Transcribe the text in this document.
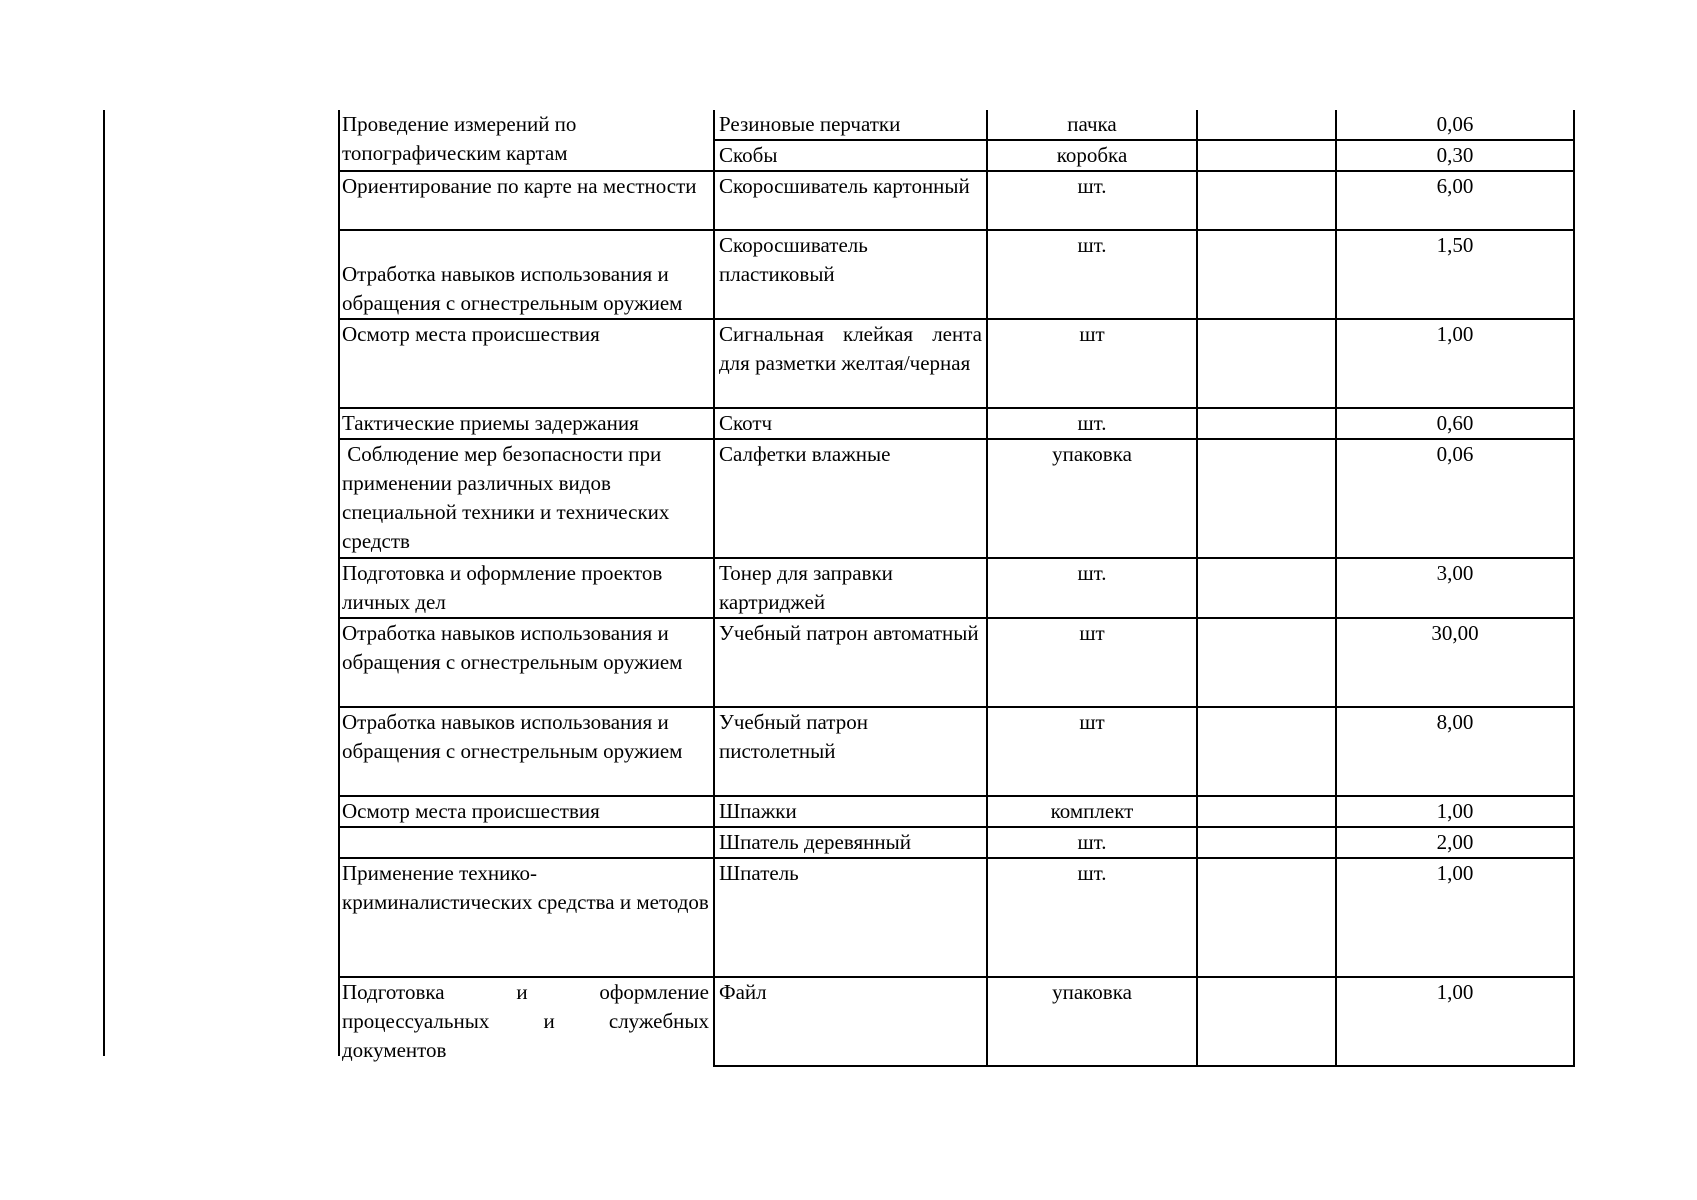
Проведение измерений по топографическим картам	Резиновые перчатки	пачка		0,06
	Скобы	коробка		0,30
Ориентирование по карте на местности	Скоросшиватель картонный	шт.		6,00
Отработка навыков использования и обращения с огнестрельным оружием	Скоросшиватель пластиковый	шт.		1,50
Осмотр места происшествия	Сигнальная клейкая лента для разметки желтая/черная	шт		1,00
Тактические приемы задержания	Скотч	шт.		0,60
Соблюдение мер безопасности при применении различных видов специальной техники и технических средств	Салфетки влажные	упаковка		0,06
Подготовка и оформление проектов личных дел	Тонер для заправки картриджей	шт.		3,00
Отработка навыков использования и обращения с огнестрельным оружием	Учебный патрон автоматный	шт		30,00
Отработка навыков использования и обращения с огнестрельным оружием	Учебный патрон пистолетный	шт		8,00
Осмотр места происшествия	Шпажки	комплект		1,00
	Шпатель деревянный	шт.		2,00
Применение технико-криминалистических средства и методов	Шпатель	шт.		1,00
Подготовка и оформление процессуальных и служебных документов	Файл	упаковка		1,00
